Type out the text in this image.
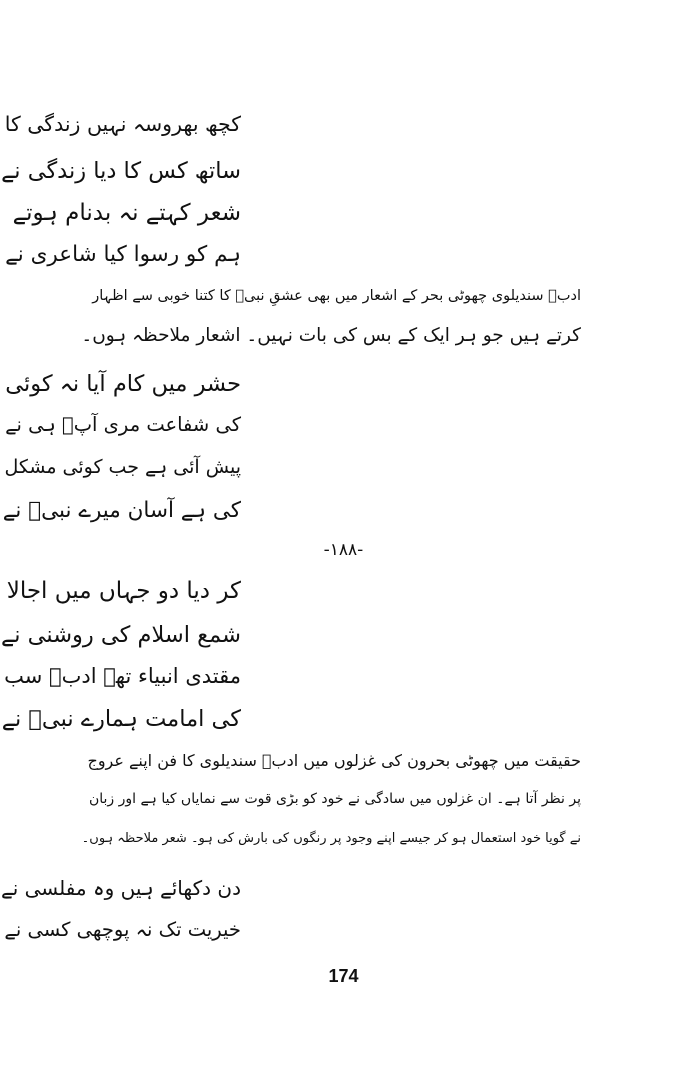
کچھ بھروسہ نہیں زندگی کا
ساتھ کس کا دیا زندگی نے
شعر کہتے نہ بدنام ہوتے
ہم کو رسوا کیا شاعری نے
ادبؔ سندیلوی چھوٹی بحر کے اشعار میں بھی عشقِ نبیؐ کا کتنا خوبی سے اظہار
کرتے ہیں جو ہر ایک کے بس کی بات نہیں۔ اشعار ملاحظہ ہوں۔
حشر میں کام آیا نہ کوئی
کی شفاعت مری آپؐ ہی نے
پیش آئی ہے جب کوئی مشکل
کی ہے آسان میرے نبیؐ نے
-۱۸۸-
کر دیا دو جہاں میں اجالا
شمع اسلام کی روشنی نے
مقتدی انبیاء تھے ادبؔ سب
کی امامت ہمارے نبیؐ نے
حقیقت میں چھوٹی بحرون کی غزلوں میں ادبؔ سندیلوی کا فن اپنے عروج
پر نظر آتا ہے۔ ان غزلوں میں سادگی نے خود کو بڑی قوت سے نمایاں کیا ہے اور زبان
نے گویا خود استعمال ہو کر جیسے اپنے وجود پر رنگوں کی بارش کی ہو۔ شعر ملاحظہ ہوں۔
دن دکھائے ہیں وہ مفلسی نے
خیریت تک نہ پوچھی کسی نے
174
